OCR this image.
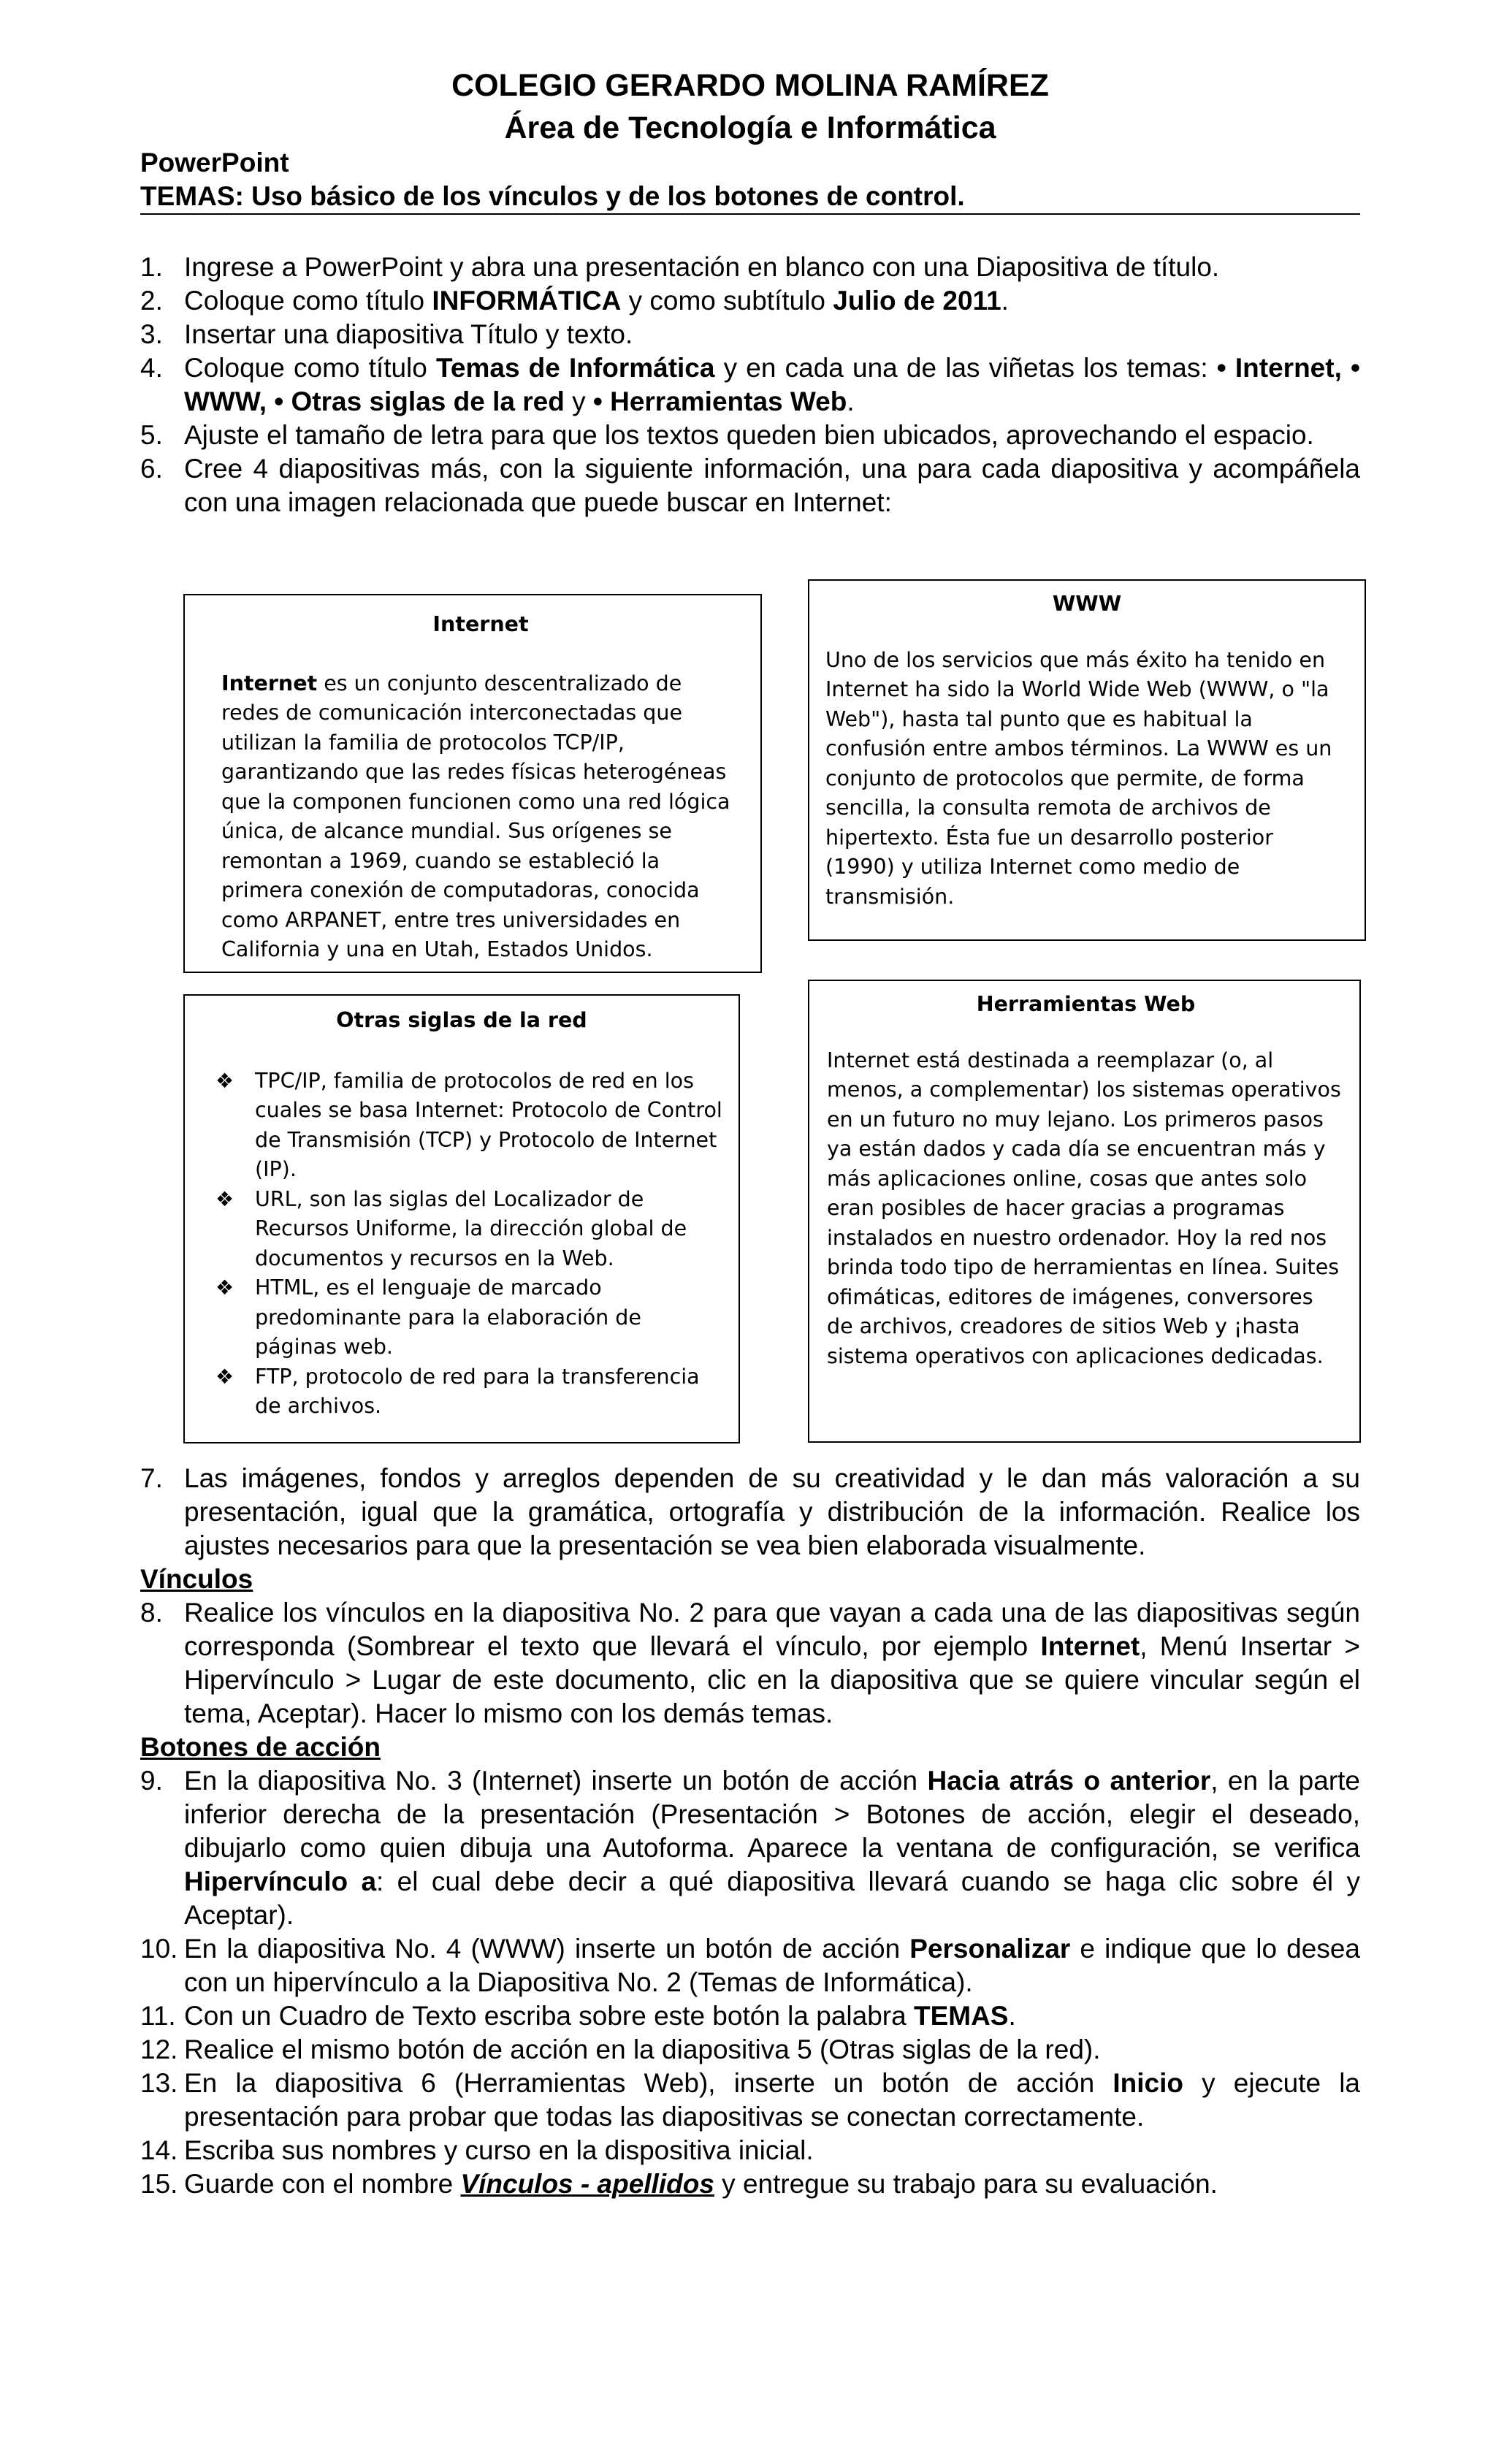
COLEGIO GERARDO MOLINA RAMÍREZ
Área de Tecnología e Informática
PowerPoint
TEMAS: Uso básico de los vínculos y de los botones de control.
1. Ingrese a PowerPoint y abra una presentación en blanco con una Diapositiva de título.
2. Coloque como título INFORMÁTICA y como subtítulo Julio de 2011.
3. Insertar una diapositiva Título y texto.
4. Coloque como título Temas de Informática y en cada una de las viñetas los temas: • Internet, • WWW, • Otras siglas de la red y • Herramientas Web.
5. Ajuste el tamaño de letra para que los textos queden bien ubicados, aprovechando el espacio.
6. Cree 4 diapositivas más, con la siguiente información, una para cada diapositiva y acompáñela con una imagen relacionada que puede buscar en Internet:
Internet

Internet es un conjunto descentralizado de redes de comunicación interconectadas que utilizan la familia de protocolos TCP/IP, garantizando que las redes físicas heterogéneas que la componen funcionen como una red lógica única, de alcance mundial. Sus orígenes se remontan a 1969, cuando se estableció la primera conexión de computadoras, conocida como ARPANET, entre tres universidades en California y una en Utah, Estados Unidos.

WWW

Uno de los servicios que más éxito ha tenido en Internet ha sido la World Wide Web (WWW, o "la Web"), hasta tal punto que es habitual la confusión entre ambos términos. La WWW es un conjunto de protocolos que permite, de forma sencilla, la consulta remota de archivos de hipertexto. Ésta fue un desarrollo posterior (1990) y utiliza Internet como medio de transmisión.

Otras siglas de la red
❖ TPC/IP, familia de protocolos de red en los cuales se basa Internet: Protocolo de Control de Transmisión (TCP) y Protocolo de Internet (IP).
❖ URL, son las siglas del Localizador de Recursos Uniforme, la dirección global de documentos y recursos en la Web.
❖ HTML, es el lenguaje de marcado predominante para la elaboración de páginas web.
❖ FTP, protocolo de red para la transferencia de archivos.
Herramientas Web

Internet está destinada a reemplazar (o, al menos, a complementar) los sistemas operativos en un futuro no muy lejano. Los primeros pasos ya están dados y cada día se encuentran más y más aplicaciones online, cosas que antes solo eran posibles de hacer gracias a programas instalados en nuestro ordenador. Hoy la red nos brinda todo tipo de herramientas en línea. Suites ofimáticas, editores de imágenes, conversores de archivos, creadores de sitios Web y ¡hasta sistema operativos con aplicaciones dedicadas.

7. Las imágenes, fondos y arreglos dependen de su creatividad y le dan más valoración a su presentación, igual que la gramática, ortografía y distribución de la información. Realice los ajustes necesarios para que la presentación se vea bien elaborada visualmente.
Vínculos
8. Realice los vínculos en la diapositiva No. 2 para que vayan a cada una de las diapositivas según corresponda (Sombrear el texto que llevará el vínculo, por ejemplo Internet, Menú Insertar > Hipervínculo > Lugar de este documento, clic en la diapositiva que se quiere vincular según el tema, Aceptar). Hacer lo mismo con los demás temas.
Botones de acción
9. En la diapositiva No. 3 (Internet) inserte un botón de acción Hacia atrás o anterior, en la parte inferior derecha de la presentación (Presentación > Botones de acción, elegir el deseado, dibujarlo como quien dibuja una Autoforma. Aparece la ventana de configuración, se verifica Hipervínculo a: el cual debe decir a qué diapositiva llevará cuando se haga clic sobre él y Aceptar).
10. En la diapositiva No. 4 (WWW) inserte un botón de acción Personalizar e indique que lo desea con un hipervínculo a la Diapositiva No. 2 (Temas de Informática).
11. Con un Cuadro de Texto escriba sobre este botón la palabra TEMAS.
12. Realice el mismo botón de acción en la diapositiva 5 (Otras siglas de la red).
13. En la diapositiva 6 (Herramientas Web), inserte un botón de acción Inicio y ejecute la presentación para probar que todas las diapositivas se conectan correctamente.
14. Escriba sus nombres y curso en la dispositiva inicial.
15. Guarde con el nombre Vínculos - apellidos y entregue su trabajo para su evaluación.
